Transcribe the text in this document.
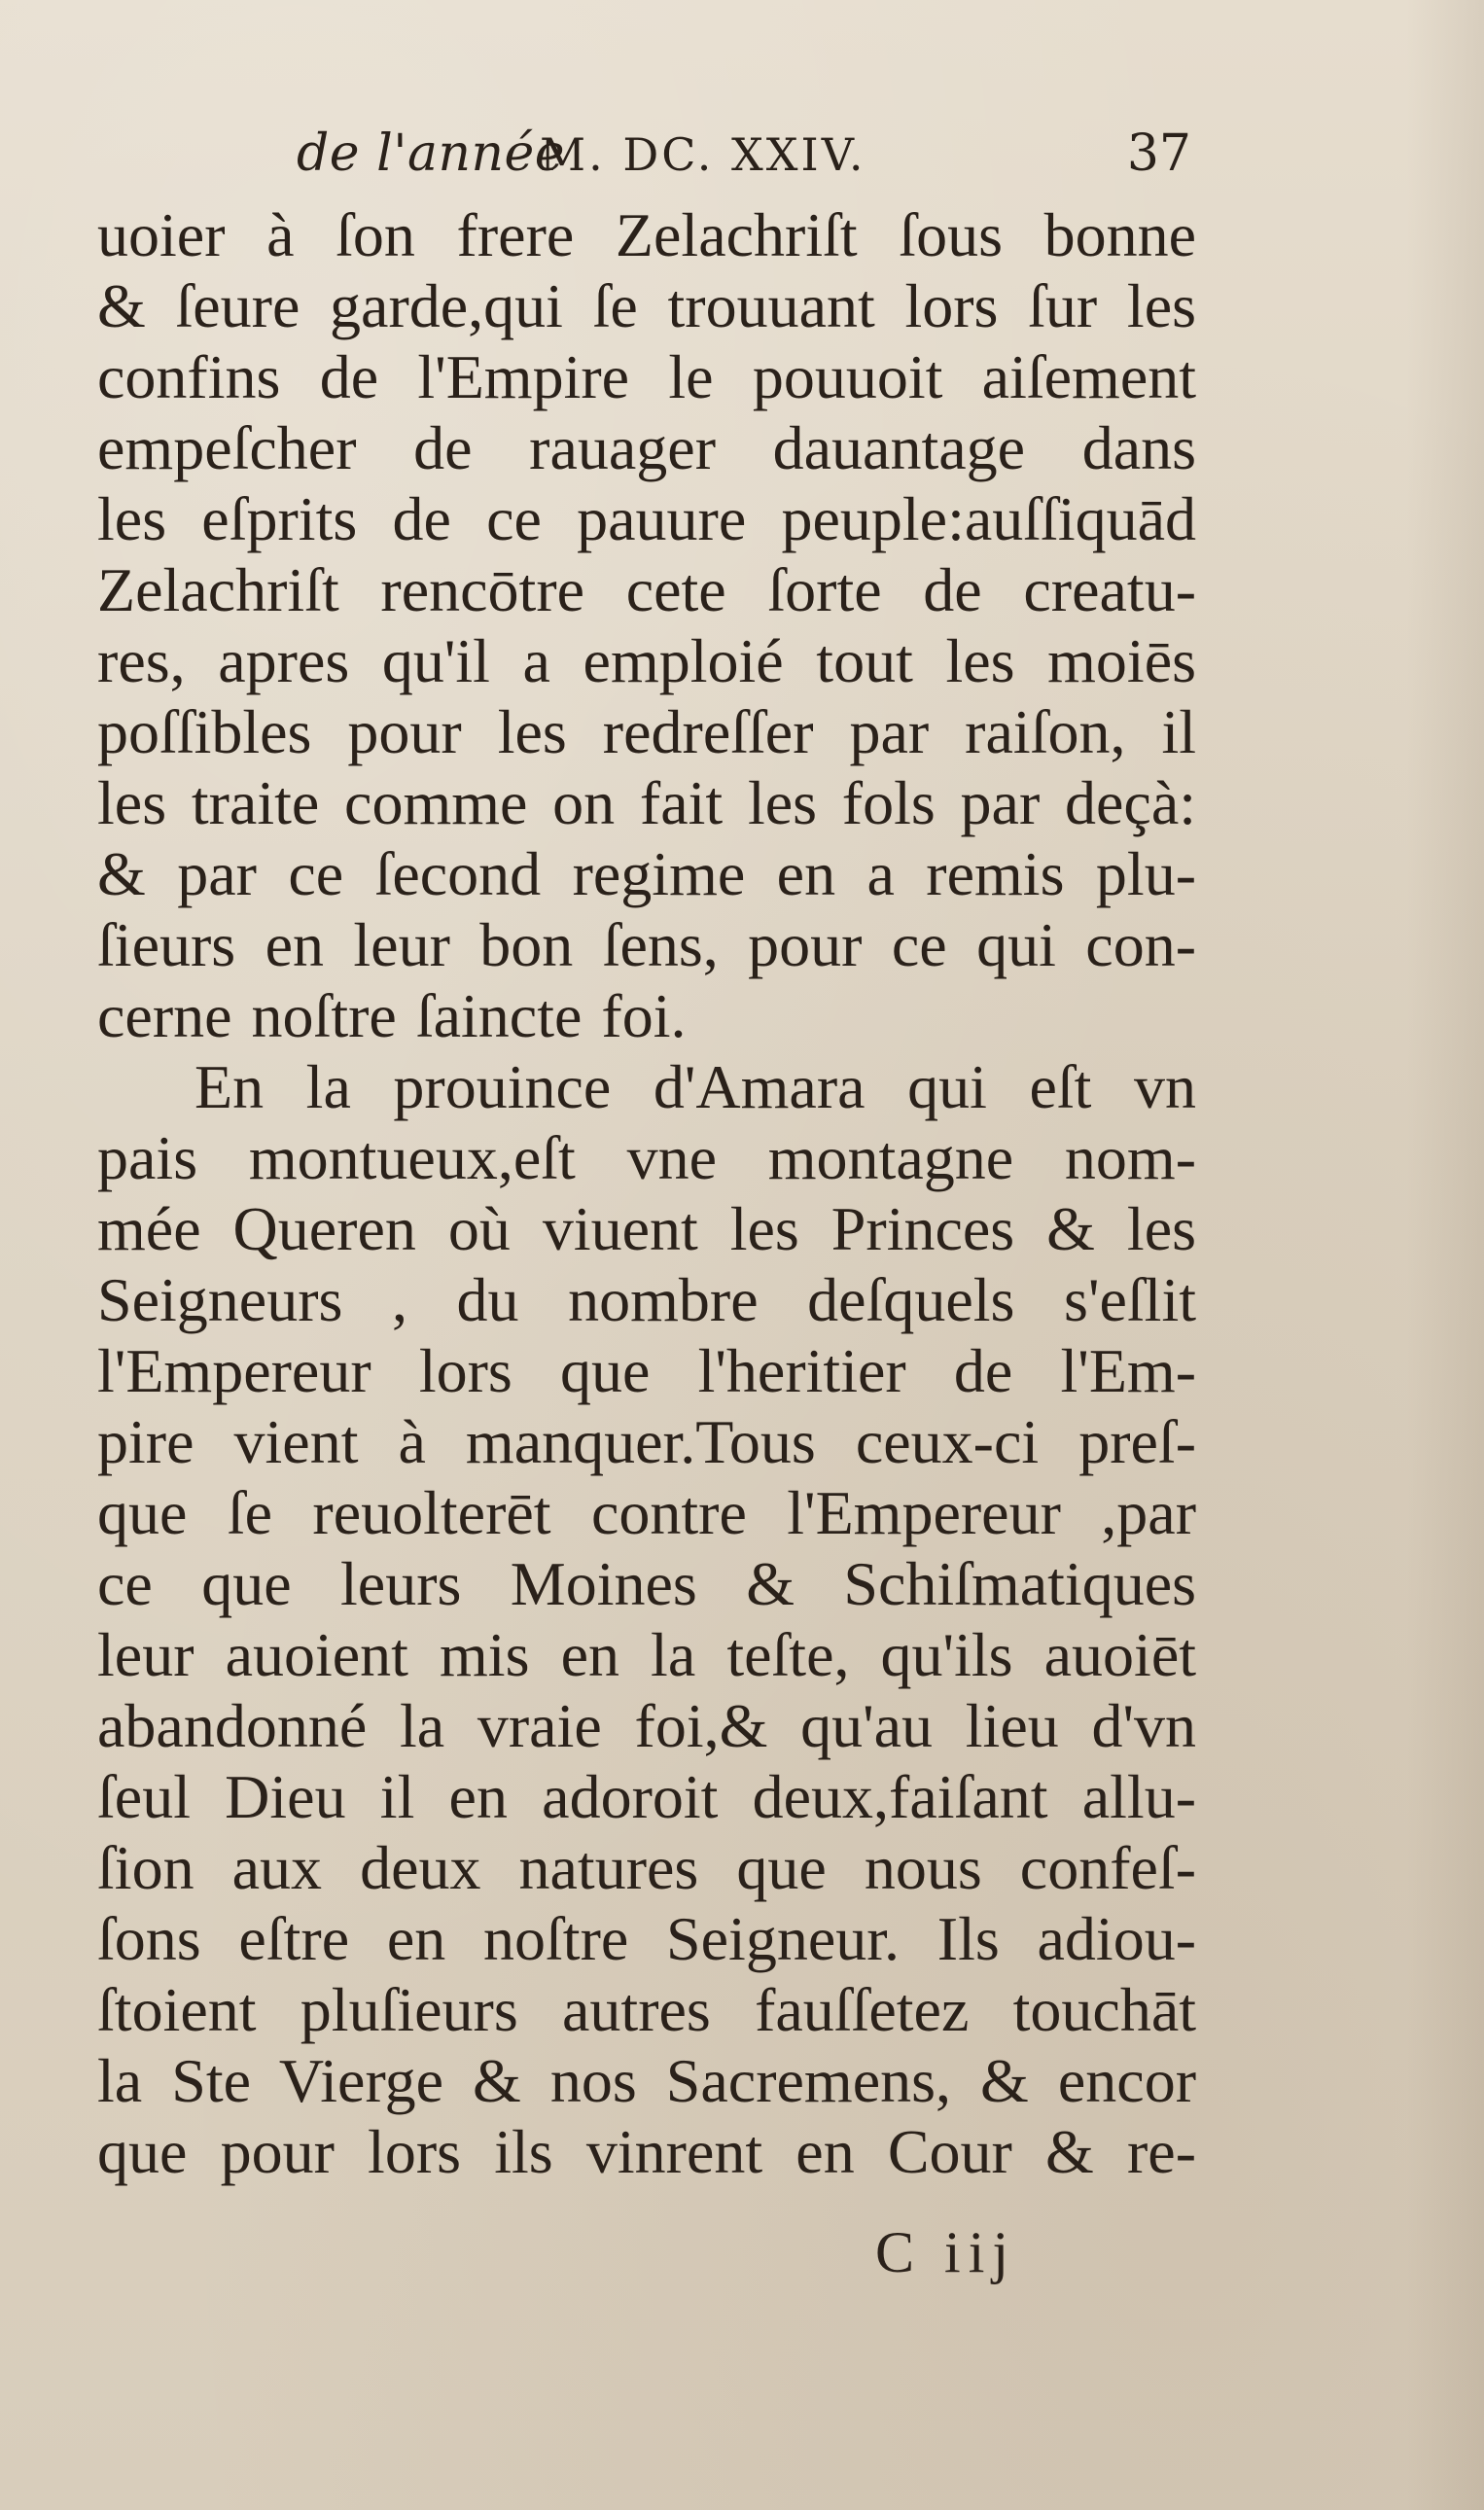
de l'année
M. DC. XXIV.	37
uoier à ſon frere Zelachriſt ſous bonne
& ſeure garde,qui ſe trouuant lors ſur les
confins de l'Empire le pouuoit aiſement
empeſcher de rauager dauantage dans
les eſprits de ce pauure peuple:auſſiquād
Zelachriſt rencōtre cete ſorte de creatu-
res, apres qu'il a emploié tout les moiēs
poſſibles pour les redreſſer par raiſon, il
les traite comme on fait les fols par deçà:
& par ce ſecond regime en a remis plu-
ſieurs en leur bon ſens, pour ce qui con-
cerne noſtre ſaincte foi.
En la prouince d'Amara qui eſt vn
pais montueux,eſt vne montagne nom-
mée Queren où viuent les Princes & les
Seigneurs , du nombre deſquels s'eſlit
l'Empereur lors que l'heritier de l'Em-
pire vient à manquer.Tous ceux-ci preſ-
que ſe reuolterēt contre l'Empereur ,par
ce que leurs Moines & Schiſmatiques
leur auoient mis en la teſte, qu'ils auoiēt
abandonné la vraie foi,& qu'au lieu d'vn
ſeul Dieu il en adoroit deux,faiſant allu-
ſion aux deux natures que nous confeſ-
ſons eſtre en noſtre Seigneur. Ils adiou-
ſtoient pluſieurs autres fauſſetez touchāt
la Ste Vierge & nos Sacremens, & encor
que pour lors ils vinrent en Cour & re-
C iij
